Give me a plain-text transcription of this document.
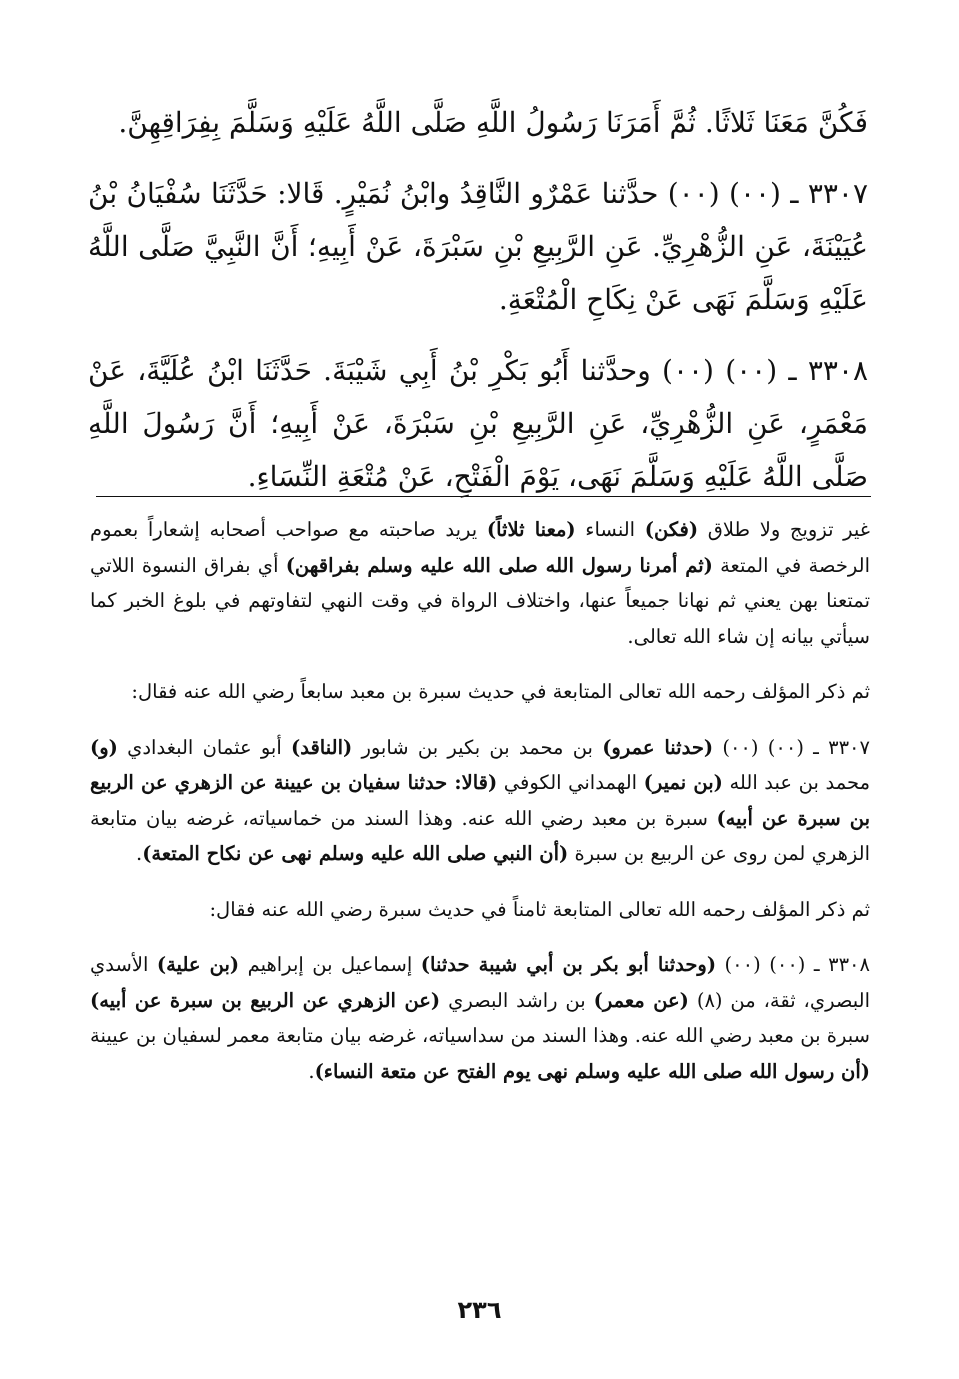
فَكُنَّ مَعَنَا ثَلاثًا. ثُمَّ أَمَرَنَا رَسُولُ اللَّهِ صَلَّى اللَّهُ عَلَيْهِ وَسَلَّمَ بِفِرَاقِهِنَّ.

٣٣٠٧ ـ (٠٠) (٠٠) حدَّثنا عَمْرٌو النَّاقِدُ وابْنُ نُمَيْرٍ. قَالا: حَدَّثَنَا سُفْيَانُ بْنُ عُيَيْنَةَ، عَنِ الزُّهْرِيِّ. عَنِ الرَّبِيعِ بْنِ سَبْرَةَ، عَنْ أَبِيهِ؛ أَنَّ النَّبِيَّ صَلَّى اللَّهُ عَلَيْهِ وَسَلَّمَ نَهَى عَنْ نِكَاحِ الْمُتْعَةِ.

٣٣٠٨ ـ (٠٠) (٠٠) وحدَّثنا أَبُو بَكْرِ بْنُ أَبِي شَيْبَةَ. حَدَّثَنَا ابْنُ عُلَيَّةَ، عَنْ مَعْمَرٍ، عَنِ الزُّهْرِيِّ، عَنِ الرَّبِيعِ بْنِ سَبْرَةَ، عَنْ أَبِيهِ؛ أَنَّ رَسُولَ اللَّهِ صَلَّى اللَّهُ عَلَيْهِ وَسَلَّمَ نَهَى، يَوْمَ الْفَتْحِ، عَنْ مُتْعَةِ النِّسَاءِ.

غير تزويج ولا طلاق (فكن) النساء (معنا ثلاثاً) يريد صاحبته مع صواحب أصحابه إشعاراً بعموم الرخصة في المتعة (ثم أمرنا رسول الله صلى الله عليه وسلم بفراقهن) أي بفراق النسوة اللاتي تمتعنا بهن يعني ثم نهانا جميعاً عنها، واختلاف الرواة في وقت النهي لتفاوتهم في بلوغ الخبر كما سيأتي بيانه إن شاء الله تعالى.

ثم ذكر المؤلف رحمه الله تعالى المتابعة في حديث سبرة بن معبد سابعاً رضي الله عنه فقال:

٣٣٠٧ ـ (٠٠) (٠٠) (حدثنا عمرو) بن محمد بن بكير بن شابور (الناقد) أبو عثمان البغدادي (و) محمد بن عبد الله (بن نمير) الهمداني الكوفي (قالا: حدثنا سفيان بن عيينة عن الزهري عن الربيع بن سبرة عن أبيه) سبرة بن معبد رضي الله عنه. وهذا السند من خماسياته، غرضه بيان متابعة الزهري لمن روى عن الربيع بن سبرة (أن النبي صلى الله عليه وسلم نهى عن نكاح المتعة).

ثم ذكر المؤلف رحمه الله تعالى المتابعة ثامناً في حديث سبرة رضي الله عنه فقال:

٣٣٠٨ ـ (٠٠) (٠٠) (وحدثنا أبو بكر بن أبي شيبة حدثنا) إسماعيل بن إبراهيم (بن علية) الأسدي البصري، ثقة، من (٨) (عن معمر) بن راشد البصري (عن الزهري عن الربيع بن سبرة عن أبيه) سبرة بن معبد رضي الله عنه. وهذا السند من سداسياته، غرضه بيان متابعة معمر لسفيان بن عيينة (أن رسول الله صلى الله عليه وسلم نهى يوم الفتح عن متعة النساء).

٢٣٦
